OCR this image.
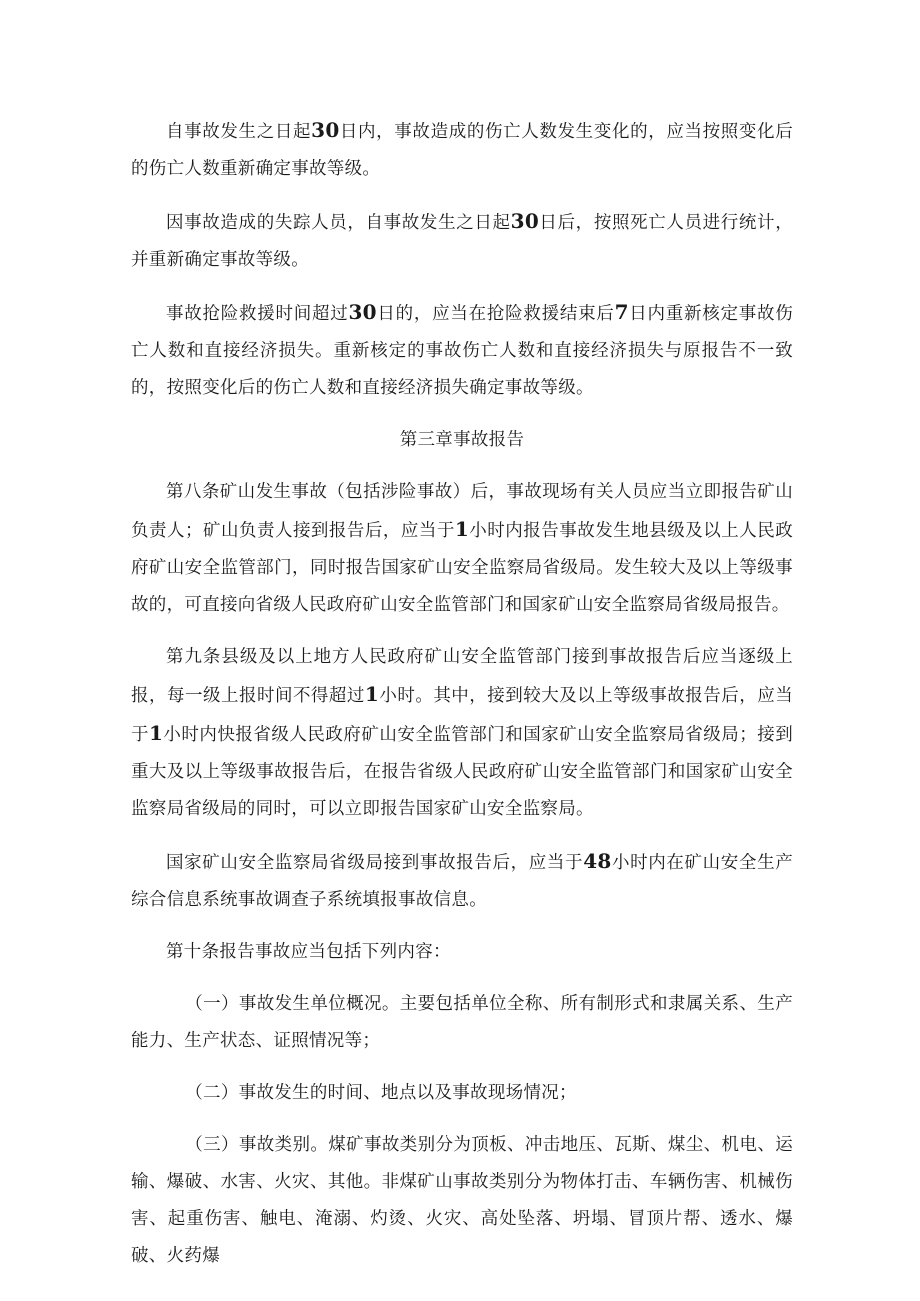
自事故发生之日起30日内，事故造成的伤亡人数发生变化的，应当按照变化后的伤亡人数重新确定事故等级。

因事故造成的失踪人员，自事故发生之日起30日后，按照死亡人员进行统计，并重新确定事故等级。

事故抢险救援时间超过30日的，应当在抢险救援结束后7日内重新核定事故伤亡人数和直接经济损失。重新核定的事故伤亡人数和直接经济损失与原报告不一致的，按照变化后的伤亡人数和直接经济损失确定事故等级。

第三章事故报告

第八条矿山发生事故（包括涉险事故）后，事故现场有关人员应当立即报告矿山负责人；矿山负责人接到报告后，应当于1小时内报告事故发生地县级及以上人民政府矿山安全监管部门，同时报告国家矿山安全监察局省级局。发生较大及以上等级事故的，可直接向省级人民政府矿山安全监管部门和国家矿山安全监察局省级局报告。

第九条县级及以上地方人民政府矿山安全监管部门接到事故报告后应当逐级上报，每一级上报时间不得超过1小时。其中，接到较大及以上等级事故报告后，应当于1小时内快报省级人民政府矿山安全监管部门和国家矿山安全监察局省级局；接到重大及以上等级事故报告后，在报告省级人民政府矿山安全监管部门和国家矿山安全监察局省级局的同时，可以立即报告国家矿山安全监察局。

国家矿山安全监察局省级局接到事故报告后，应当于48小时内在矿山安全生产综合信息系统事故调查子系统填报事故信息。

第十条报告事故应当包括下列内容：

（一）事故发生单位概况。主要包括单位全称、所有制形式和隶属关系、生产能力、生产状态、证照情况等；

（二）事故发生的时间、地点以及事故现场情况；

（三）事故类别。煤矿事故类别分为顶板、冲击地压、瓦斯、煤尘、机电、运输、爆破、水害、火灾、其他。非煤矿山事故类别分为物体打击、车辆伤害、机械伤害、起重伤害、触电、淹溺、灼烫、火灾、高处坠落、坍塌、冒顶片帮、透水、爆破、火药爆
